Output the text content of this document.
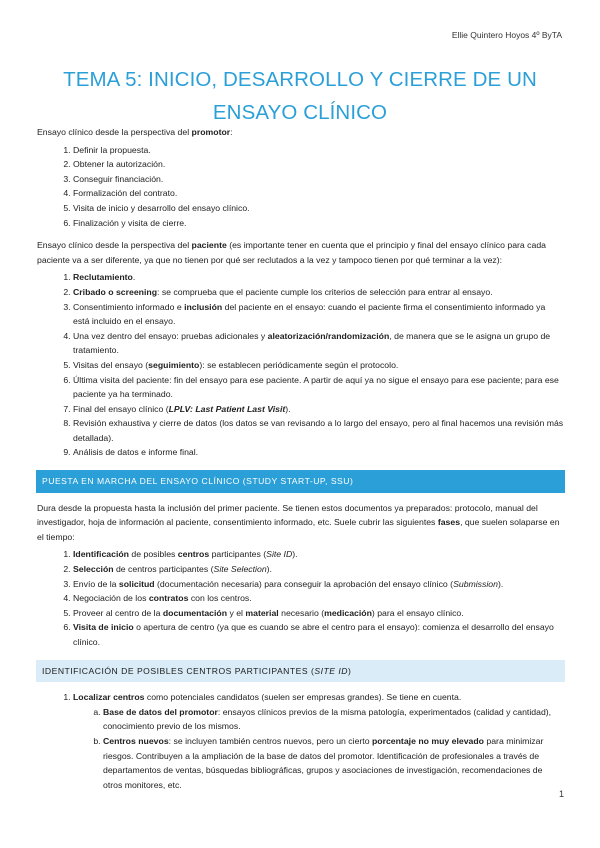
Ellie Quintero Hoyos 4º ByTA
TEMA 5: INICIO, DESARROLLO Y CIERRE DE UN ENSAYO CLÍNICO

Ensayo clínico desde la perspectiva del promotor:

1. Definir la propuesta.
2. Obtener la autorización.
3. Conseguir financiación.
4. Formalización del contrato.
5. Visita de inicio y desarrollo del ensayo clínico.
6. Finalización y visita de cierre.

Ensayo clínico desde la perspectiva del paciente (es importante tener en cuenta que el principio y final del ensayo clínico para cada paciente va a ser diferente, ya que no tienen por qué ser reclutados a la vez y tampoco tienen por qué terminar a la vez):

1. Reclutamiento.
2. Cribado o screening: se comprueba que el paciente cumple los criterios de selección para entrar al ensayo.
3. Consentimiento informado e inclusión del paciente en el ensayo: cuando el paciente firma el consentimiento informado ya está incluido en el ensayo.
4. Una vez dentro del ensayo: pruebas adicionales y aleatorización/randomización, de manera que se le asigna un grupo de tratamiento.
5. Visitas del ensayo (seguimiento): se establecen periódicamente según el protocolo.
6. Última visita del paciente: fin del ensayo para ese paciente. A partir de aquí ya no sigue el ensayo para ese paciente; para ese paciente ya ha terminado.
7. Final del ensayo clínico (LPLV: Last Patient Last Visit).
8. Revisión exhaustiva y cierre de datos (los datos se van revisando a lo largo del ensayo, pero al final hacemos una revisión más detallada).
9. Análisis de datos e informe final.
PUESTA EN MARCHA DEL ENSAYO CLÍNICO (STUDY START-UP, SSU)

Dura desde la propuesta hasta la inclusión del primer paciente. Se tienen estos documentos ya preparados: protocolo, manual del investigador, hoja de información al paciente, consentimiento informado, etc. Suele cubrir las siguientes fases, que suelen solaparse en el tiempo:

1. Identificación de posibles centros participantes (Site ID).
2. Selección de centros participantes (Site Selection).
3. Envío de la solicitud (documentación necesaria) para conseguir la aprobación del ensayo clínico (Submission).
4. Negociación de los contratos con los centros.
5. Proveer al centro de la documentación y el material necesario (medicación) para el ensayo clínico.
6. Visita de inicio o apertura de centro (ya que es cuando se abre el centro para el ensayo): comienza el desarrollo del ensayo clínico.
IDENTIFICACIÓN DE POSIBLES CENTROS PARTICIPANTES (SITE ID)
1. Localizar centros como potenciales candidatos (suelen ser empresas grandes). Se tiene en cuenta.
a. Base de datos del promotor: ensayos clínicos previos de la misma patología, experimentados (calidad y cantidad), conocimiento previo de los mismos.
b. Centros nuevos: se incluyen también centros nuevos, pero un cierto porcentaje no muy elevado para minimizar riesgos. Contribuyen a la ampliación de la base de datos del promotor. Identificación de profesionales a través de departamentos de ventas, búsquedas bibliográficas, grupos y asociaciones de investigación, recomendaciones de otros monitores, etc.
1
